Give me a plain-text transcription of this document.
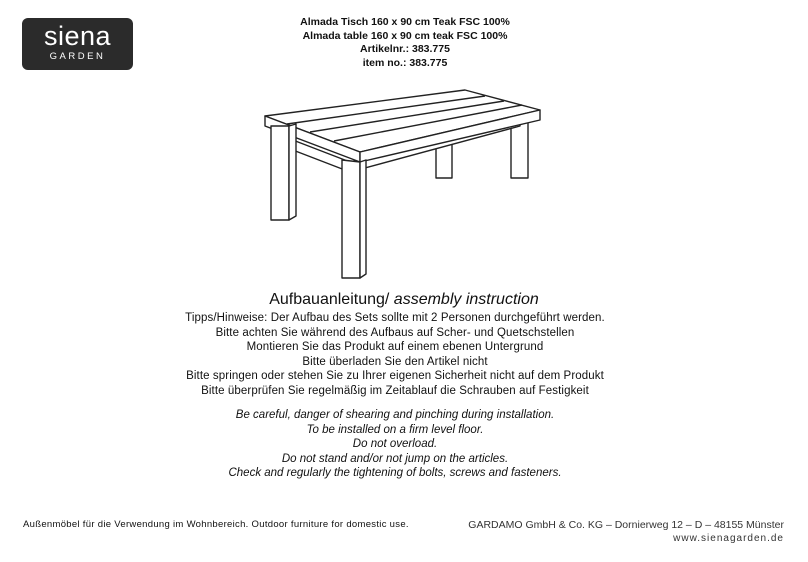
siena
GARDEN
Almada Tisch 160 x 90 cm Teak FSC 100%
Almada table 160 x 90 cm teak FSC 100%
Artikelnr.: 383.775
item no.: 383.775
Aufbauanleitung/ assembly instruction
Tipps/Hinweise: Der Aufbau des Sets sollte mit 2 Personen durchgeführt werden.
Bitte achten Sie während des Aufbaus auf Scher- und Quetschstellen
Montieren Sie das Produkt auf einem ebenen Untergrund
Bitte überladen Sie den Artikel nicht
Bitte springen oder stehen Sie zu Ihrer eigenen Sicherheit nicht auf dem Produkt
Bitte überprüfen Sie regelmäßig im Zeitablauf die Schrauben auf Festigkeit
Be careful, danger of shearing and pinching during installation.
To be installed on a firm level floor.
Do not overload.
Do not stand and/or not jump on the articles.
Check and regularly the tightening of bolts, screws and fasteners.
Außenmöbel für die Verwendung im Wohnbereich. Outdoor furniture for domestic use.	GARDAMO GmbH & Co. KG – Dornierweg 12 – D – 48155 Münster
www.sienagarden.de
